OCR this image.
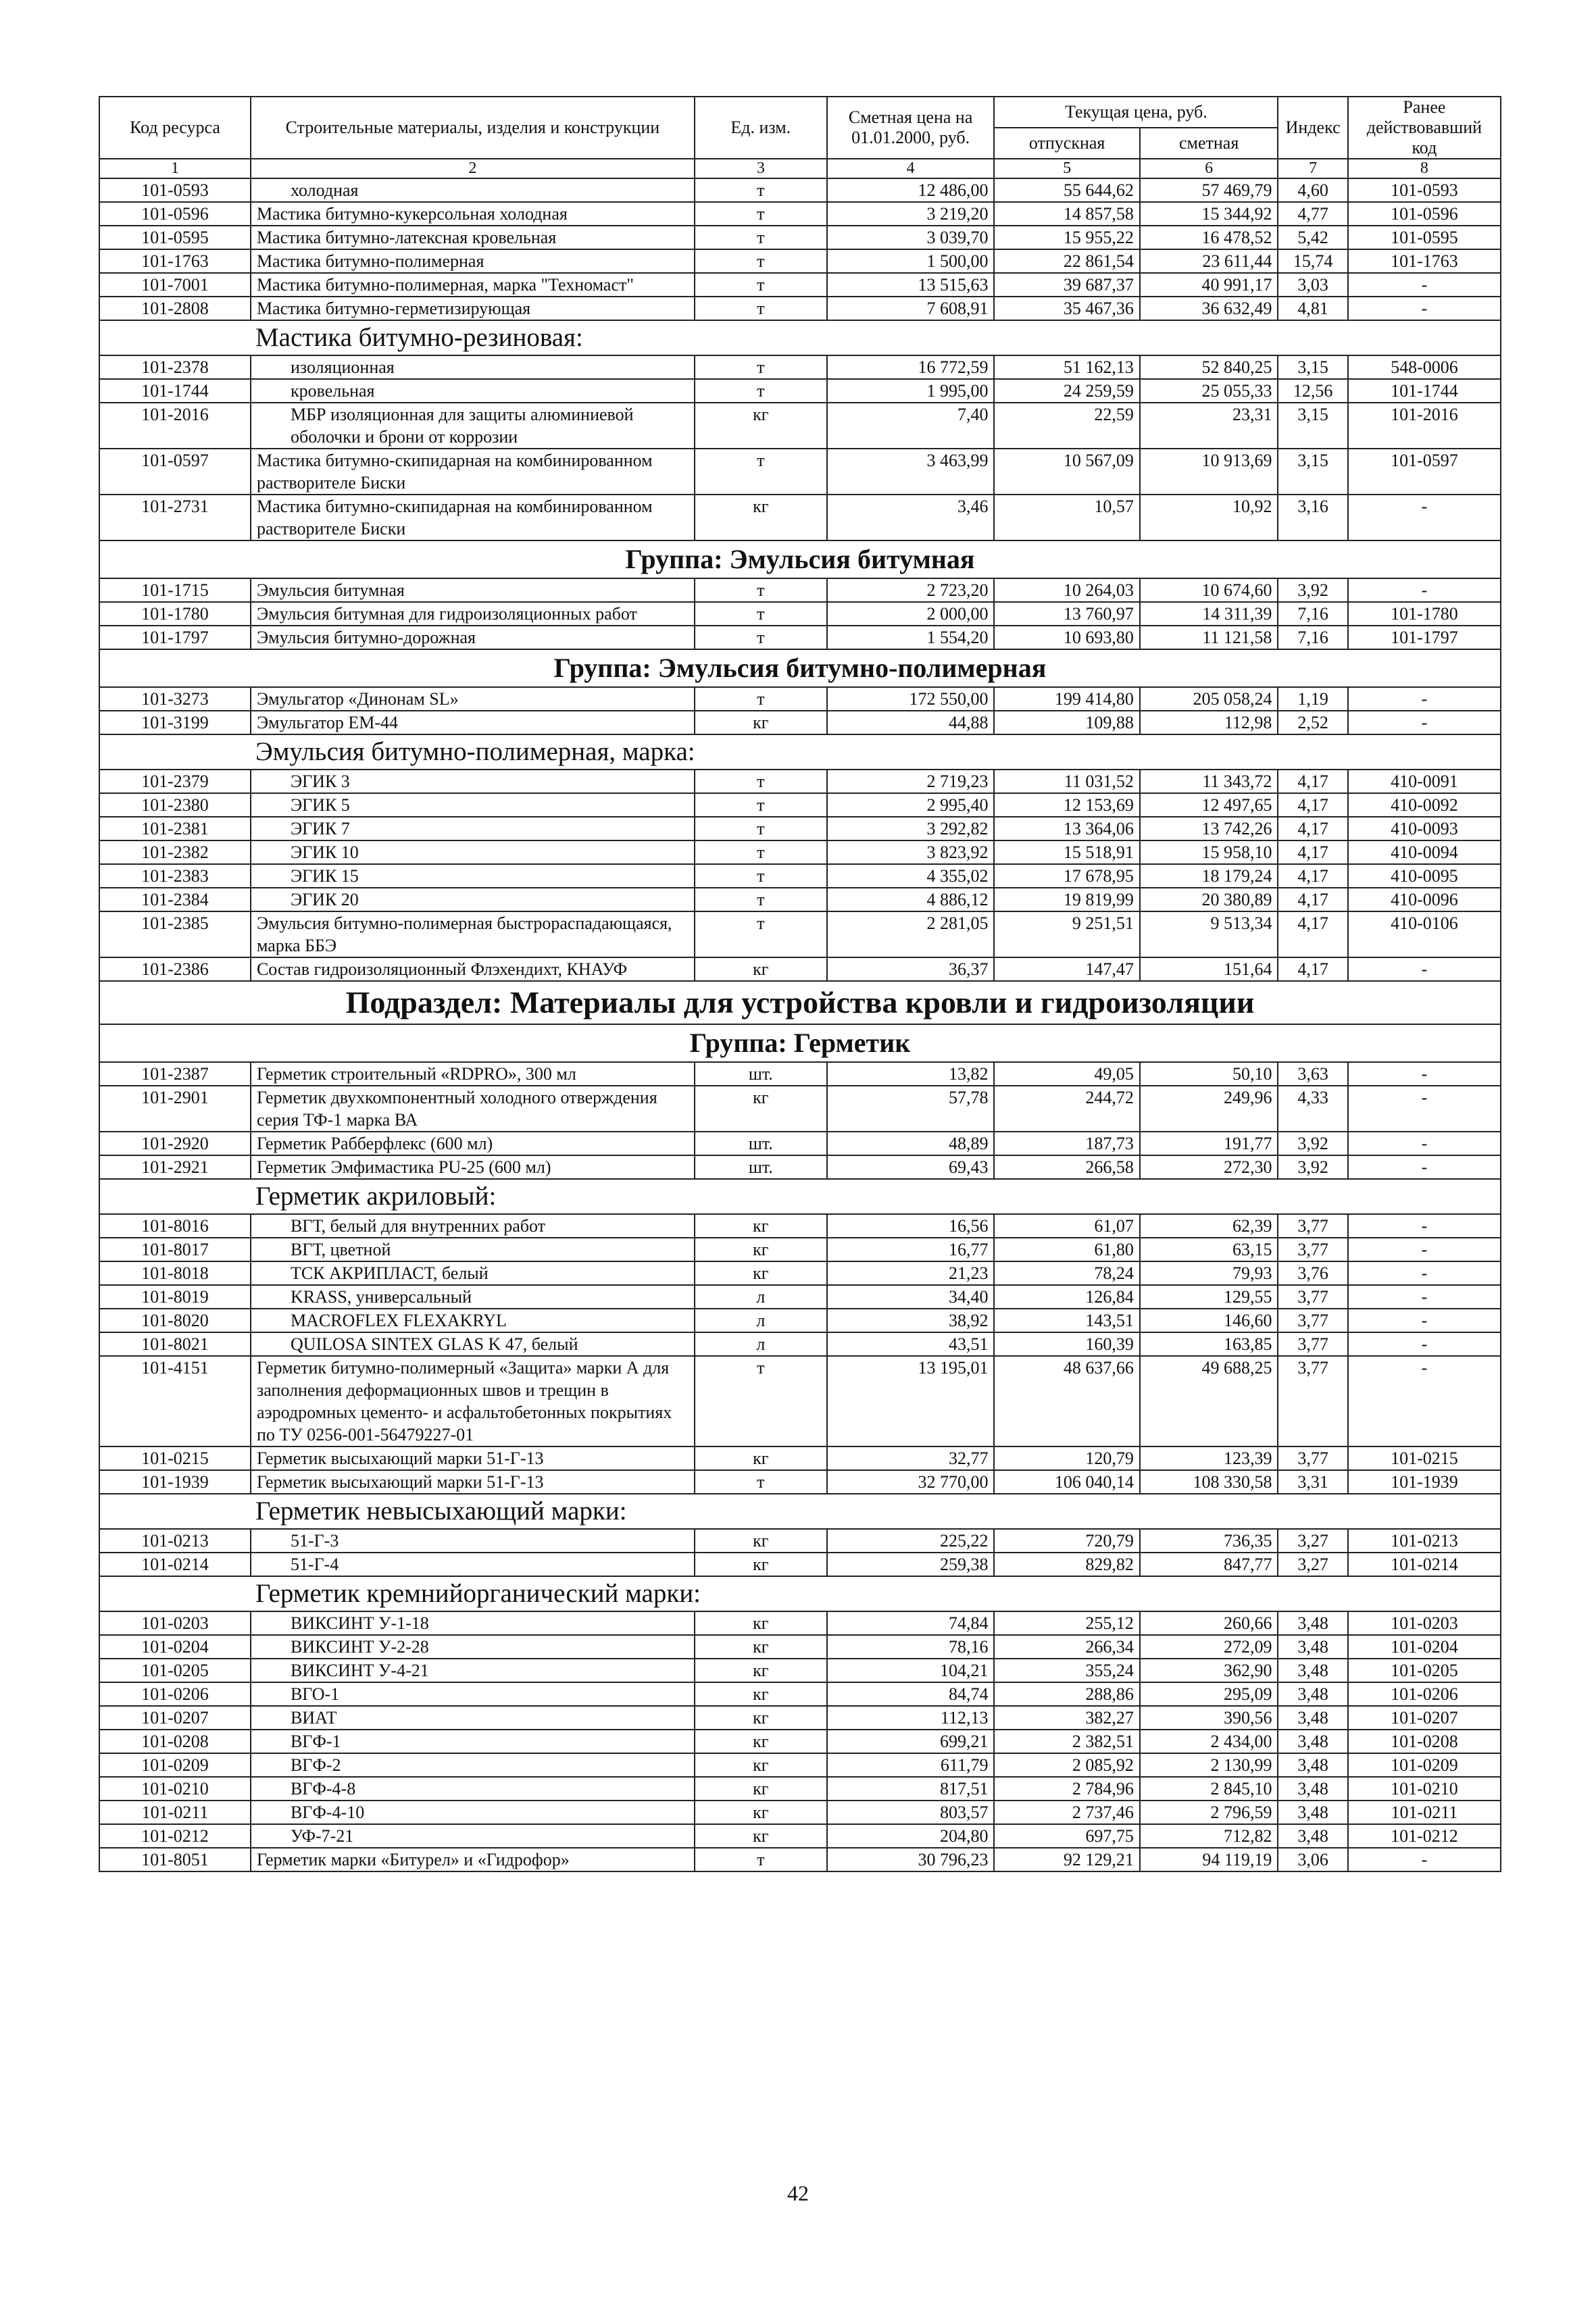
Код ресурса	Строительные материалы, изделия и конструкции	Ед. изм.	Сметная цена на 01.01.2000, руб.	Текущая цена, руб.		Индекс	Ранее действовавший код
				отпускная	сметная		
1	2	3	4	5	6	7	8
101-0593	холодная	т	12 486,00	55 644,62	57 469,79	4,60	101-0593
101-0596	Мастика битумно-кукерсольная холодная	т	3 219,20	14 857,58	15 344,92	4,77	101-0596
101-0595	Мастика битумно-латексная кровельная	т	3 039,70	15 955,22	16 478,52	5,42	101-0595
101-1763	Мастика битумно-полимерная	т	1 500,00	22 861,54	23 611,44	15,74	101-1763
101-7001	Мастика битумно-полимерная, марка "Техномаст"	т	13 515,63	39 687,37	40 991,17	3,03	-
101-2808	Мастика битумно-герметизирующая	т	7 608,91	35 467,36	36 632,49	4,81	-
Мастика битумно-резиновая:							
101-2378	изоляционная	т	16 772,59	51 162,13	52 840,25	3,15	548-0006
101-1744	кровельная	т	1 995,00	24 259,59	25 055,33	12,56	101-1744
101-2016	МБР изоляционная для защиты алюминиевой оболочки и брони от коррозии	кг	7,40	22,59	23,31	3,15	101-2016
101-0597	Мастика битумно-скипидарная на комбинированном растворителе Биски	т	3 463,99	10 567,09	10 913,69	3,15	101-0597
101-2731	Мастика битумно-скипидарная на комбинированном растворителе Биски	кг	3,46	10,57	10,92	3,16	-
Группа: Эмульсия битумная							
101-1715	Эмульсия битумная	т	2 723,20	10 264,03	10 674,60	3,92	-
101-1780	Эмульсия битумная для гидроизоляционных работ	т	2 000,00	13 760,97	14 311,39	7,16	101-1780
101-1797	Эмульсия битумно-дорожная	т	1 554,20	10 693,80	11 121,58	7,16	101-1797
Группа: Эмульсия битумно-полимерная							
101-3273	Эмульгатор «Динонам SL»	т	172 550,00	199 414,80	205 058,24	1,19	-
101-3199	Эмульгатор ЕМ-44	кг	44,88	109,88	112,98	2,52	-
Эмульсия битумно-полимерная, марка:							
101-2379	ЭГИК 3	т	2 719,23	11 031,52	11 343,72	4,17	410-0091
101-2380	ЭГИК 5	т	2 995,40	12 153,69	12 497,65	4,17	410-0092
101-2381	ЭГИК 7	т	3 292,82	13 364,06	13 742,26	4,17	410-0093
101-2382	ЭГИК 10	т	3 823,92	15 518,91	15 958,10	4,17	410-0094
101-2383	ЭГИК 15	т	4 355,02	17 678,95	18 179,24	4,17	410-0095
101-2384	ЭГИК 20	т	4 886,12	19 819,99	20 380,89	4,17	410-0096
101-2385	Эмульсия битумно-полимерная быстрораспадающаяся, марка ББЭ	т	2 281,05	9 251,51	9 513,34	4,17	410-0106
101-2386	Состав гидроизоляционный Флэхендихт, КНАУФ	кг	36,37	147,47	151,64	4,17	-
Подраздел: Материалы для устройства кровли и гидроизоляции							
Группа: Герметик							
101-2387	Герметик строительный «RDPRO», 300 мл	шт.	13,82	49,05	50,10	3,63	-
101-2901	Герметик двухкомпонентный холодного отверждения серия ТФ-1 марка ВА	кг	57,78	244,72	249,96	4,33	-
101-2920	Герметик Рабберфлекс (600 мл)	шт.	48,89	187,73	191,77	3,92	-
101-2921	Герметик Эмфимастика PU-25 (600 мл)	шт.	69,43	266,58	272,30	3,92	-
Герметик акриловый:							
101-8016	ВГТ, белый для внутренних работ	кг	16,56	61,07	62,39	3,77	-
101-8017	ВГТ, цветной	кг	16,77	61,80	63,15	3,77	-
101-8018	ТСК АКРИПЛАСТ, белый	кг	21,23	78,24	79,93	3,76	-
101-8019	KRASS, универсальный	л	34,40	126,84	129,55	3,77	-
101-8020	MACROFLEX FLEXAKRYL	л	38,92	143,51	146,60	3,77	-
101-8021	QUILOSA SINTEX GLAS K 47, белый	л	43,51	160,39	163,85	3,77	-
101-4151	Герметик битумно-полимерный «Защита» марки А для заполнения деформационных швов и трещин в аэродромных цементо- и асфальтобетонных покрытиях по ТУ 0256-001-56479227-01	т	13 195,01	48 637,66	49 688,25	3,77	-
101-0215	Герметик высыхающий марки 51-Г-13	кг	32,77	120,79	123,39	3,77	101-0215
101-1939	Герметик высыхающий марки 51-Г-13	т	32 770,00	106 040,14	108 330,58	3,31	101-1939
Герметик невысыхающий марки:							
101-0213	51-Г-3	кг	225,22	720,79	736,35	3,27	101-0213
101-0214	51-Г-4	кг	259,38	829,82	847,77	3,27	101-0214
Герметик кремнийорганический марки:							
101-0203	ВИКСИНТ У-1-18	кг	74,84	255,12	260,66	3,48	101-0203
101-0204	ВИКСИНТ У-2-28	кг	78,16	266,34	272,09	3,48	101-0204
101-0205	ВИКСИНТ У-4-21	кг	104,21	355,24	362,90	3,48	101-0205
101-0206	ВГО-1	кг	84,74	288,86	295,09	3,48	101-0206
101-0207	ВИАТ	кг	112,13	382,27	390,56	3,48	101-0207
101-0208	ВГФ-1	кг	699,21	2 382,51	2 434,00	3,48	101-0208
101-0209	ВГФ-2	кг	611,79	2 085,92	2 130,99	3,48	101-0209
101-0210	ВГФ-4-8	кг	817,51	2 784,96	2 845,10	3,48	101-0210
101-0211	ВГФ-4-10	кг	803,57	2 737,46	2 796,59	3,48	101-0211
101-0212	УФ-7-21	кг	204,80	697,75	712,82	3,48	101-0212
101-8051	Герметик марки «Битурел» и «Гидрофор»	т	30 796,23	92 129,21	94 119,19	3,06	-
42
